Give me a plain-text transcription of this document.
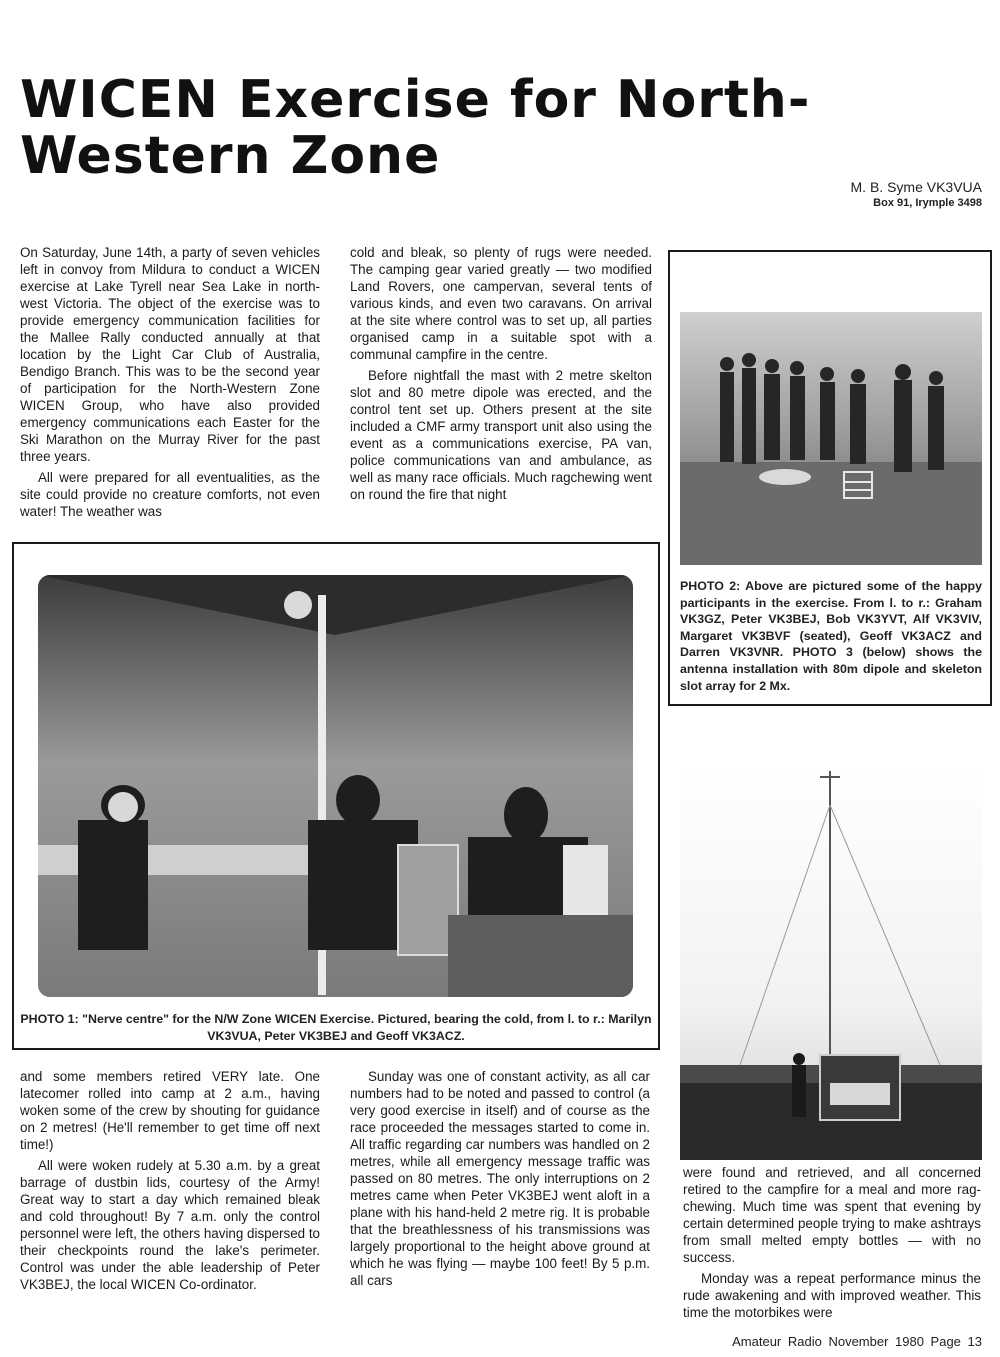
WICEN Exercise for North-
Western Zone
M. B. Syme VK3VUA
Box 91, Irymple 3498

On Saturday, June 14th, a party of seven vehicles left in convoy from Mildura to conduct a WICEN exercise at Lake Tyrell near Sea Lake in north-west Victoria. The object of the exercise was to provide emergency communication facilities for the Mallee Rally conducted annually at that location by the Light Car Club of Australia, Bendigo Branch. This was to be the second year of participation for the North-Western Zone WICEN Group, who have also provided emergency communications each Easter for the Ski Marathon on the Murray River for the past three years.

All were prepared for all eventualities, as the site could provide no creature comforts, not even water! The weather was

cold and bleak, so plenty of rugs were needed. The camping gear varied greatly — two modified Land Rovers, one campervan, several tents of various kinds, and even two caravans. On arrival at the site where control was to set up, all parties organised camp in a suitable spot with a communal campfire in the centre.

Before nightfall the mast with 2 metre skelton slot and 80 metre dipole was erected, and the control tent set up. Others present at the site included a CMF army transport unit also using the event as a communications exercise, PA van, police communications van and ambulance, as well as many race officials. Much ragchewing went on round the fire that night

PHOTO 2: Above are pictured some of the happy participants in the exercise. From l. to r.: Graham VK3GZ, Peter VK3BEJ, Bob VK3YVT, Alf VK3VIV, Margaret VK3BVF (seated), Geoff VK3ACZ and Darren VK3VNR. PHOTO 3 (below) shows the antenna installation with 80m dipole and skeleton slot array for 2 Mx.
PHOTO 1: "Nerve centre" for the N/W Zone WICEN Exercise. Pictured, bearing the cold, from l. to r.: Marilyn VK3VUA, Peter VK3BEJ and Geoff VK3ACZ.

and some members retired VERY late. One latecomer rolled into camp at 2 a.m., having woken some of the crew by shouting for guidance on 2 metres! (He'll remember to get time off next time!)

All were woken rudely at 5.30 a.m. by a great barrage of dustbin lids, courtesy of the Army! Great way to start a day which remained bleak and cold throughout! By 7 a.m. only the control personnel were left, the others having dispersed to their checkpoints round the lake's perimeter. Control was under the able leadership of Peter VK3BEJ, the local WICEN Co-ordinator.

Sunday was one of constant activity, as all car numbers had to be noted and passed to control (a very good exercise in itself) and of course as the race proceeded the messages started to come in. All traffic regarding car numbers was handled on 2 metres, while all emergency message traffic was passed on 80 metres. The only interruptions on 2 metres came when Peter VK3BEJ went aloft in a plane with his hand-held 2 metre rig. It is probable that the breathlessness of his transmissions was largely proportional to the height above ground at which he was flying — maybe 100 feet! By 5 p.m. all cars

were found and retrieved, and all concerned retired to the campfire for a meal and more rag-chewing. Much time was spent that evening by certain determined people trying to make ashtrays from small melted empty bottles — with no success.

Monday was a repeat performance minus the rude awakening and with improved weather. This time the motorbikes were

Amateur Radio November 1980 Page 13
